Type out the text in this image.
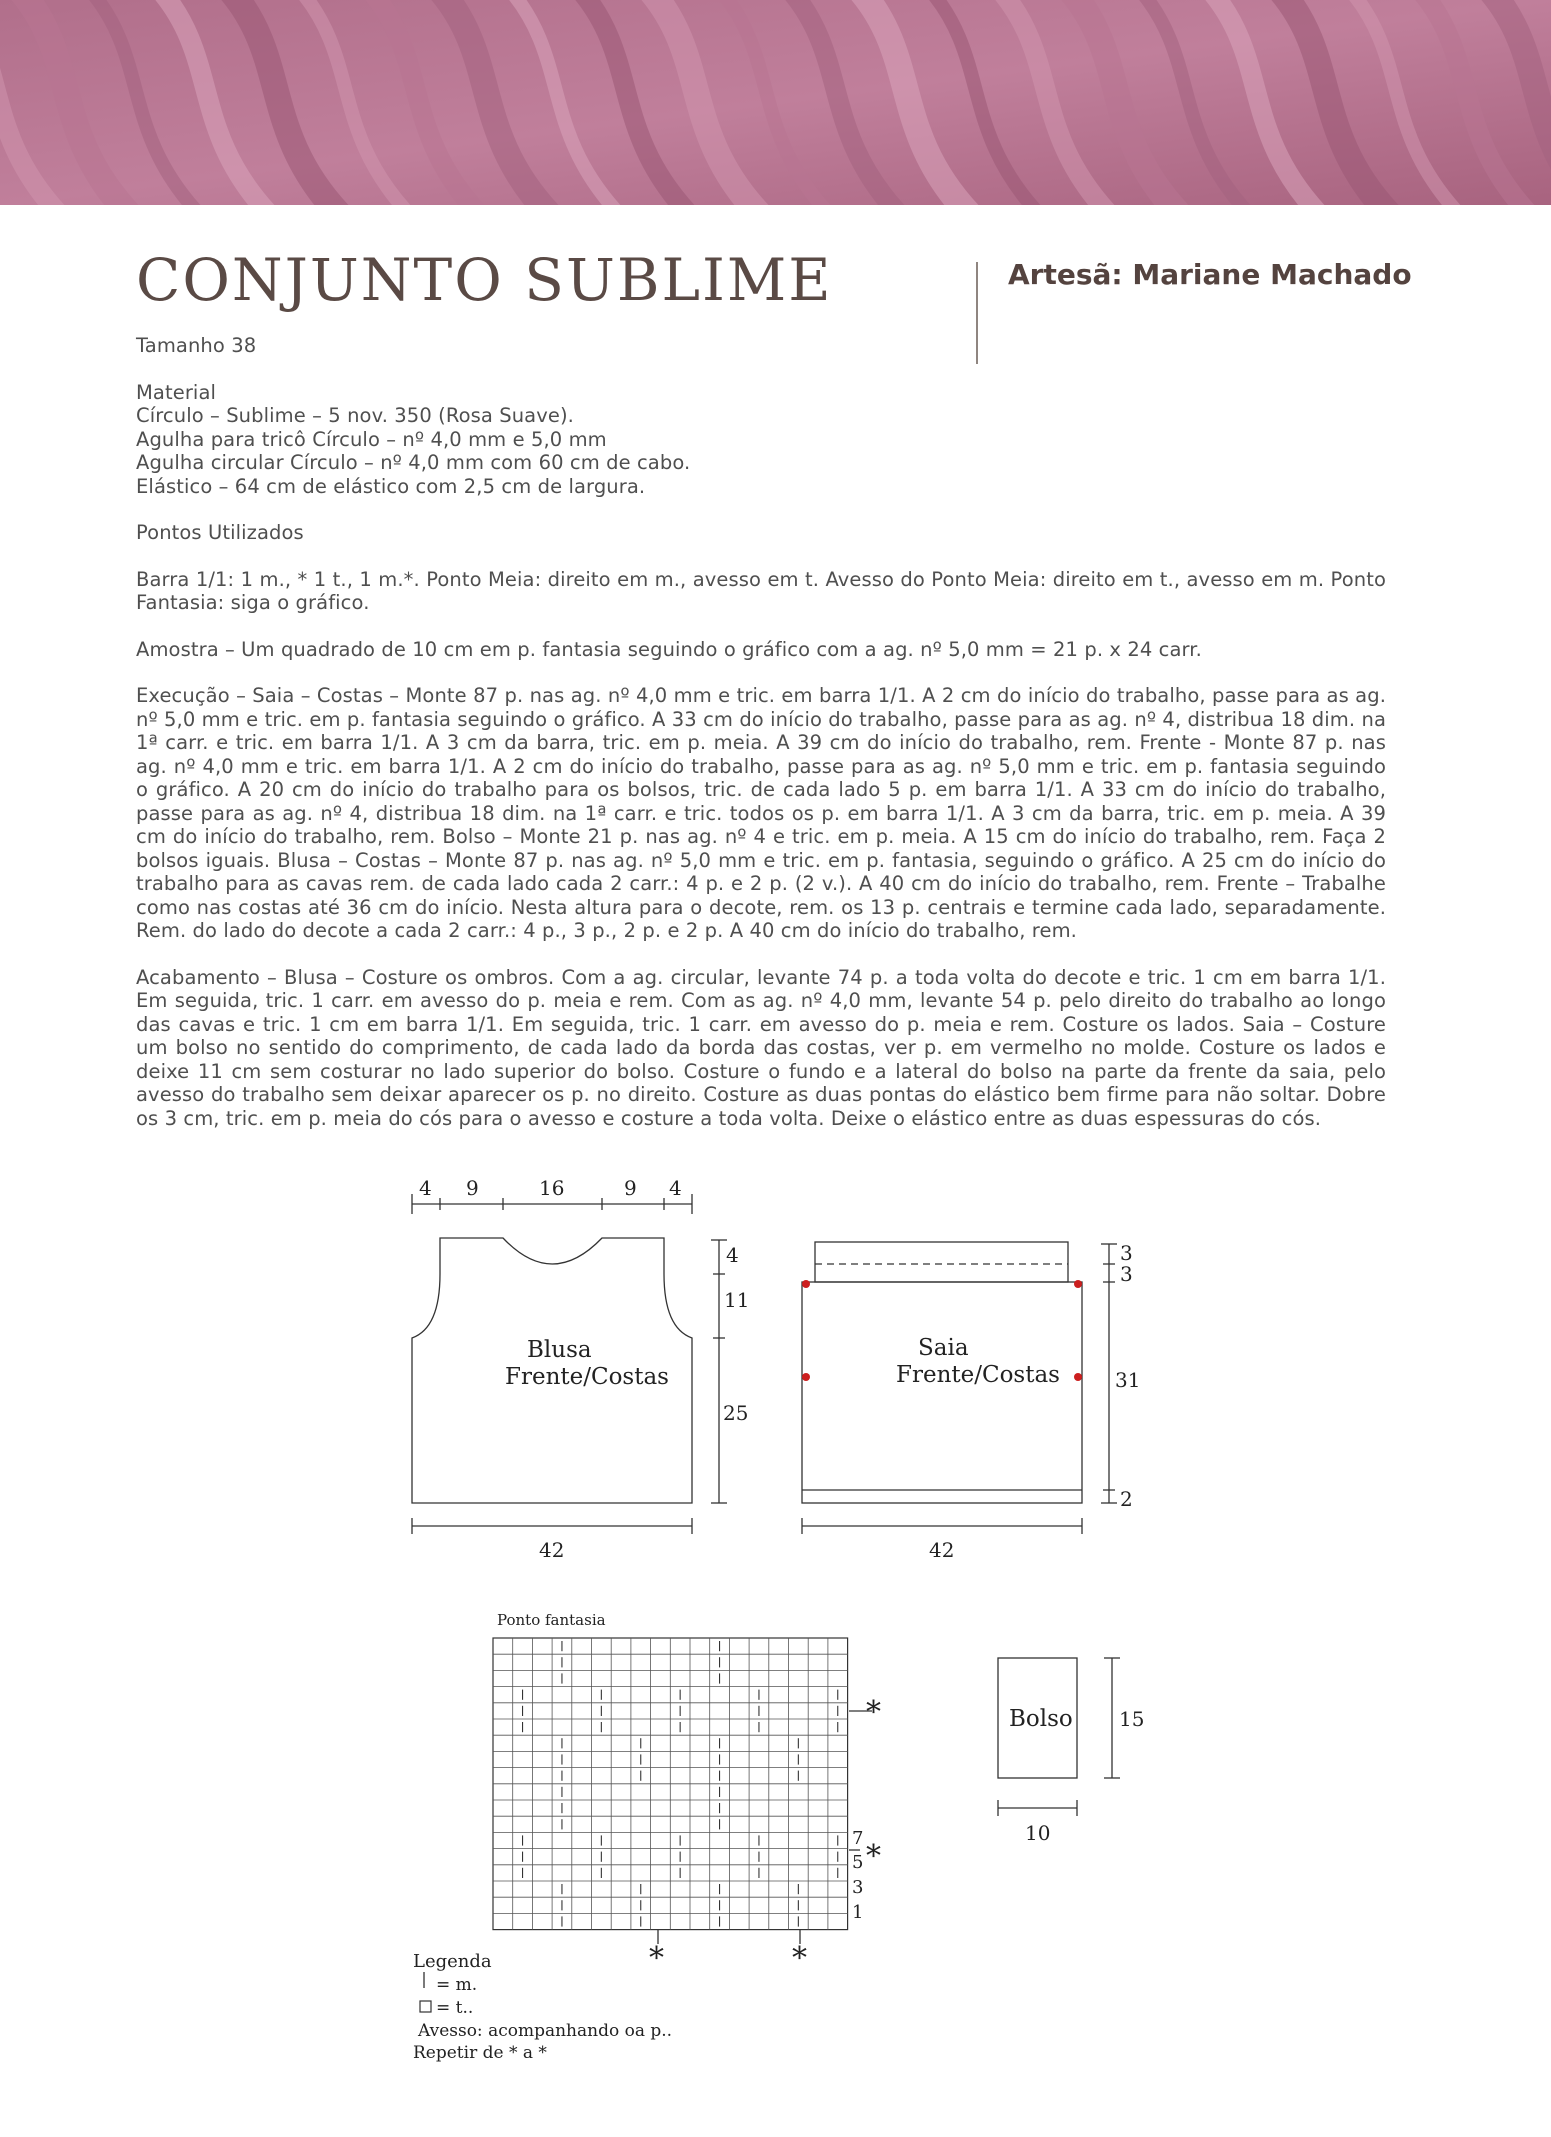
CONJUNTO SUBLIME	Artesã: Mariane Machado

Tamanho 38

Material

Círculo – Sublime – 5 nov. 350 (Rosa Suave).

Agulha para tricô Círculo – nº 4,0 mm e 5,0 mm

Agulha circular Círculo – nº 4,0 mm com 60 cm de cabo.

Elástico – 64 cm de elástico com 2,5 cm de largura.

Pontos Utilizados

Barra 1/1: 1 m., * 1 t., 1 m.*. Ponto Meia: direito em m., avesso em t. Avesso do Ponto Meia: direito em t., avesso em m. Ponto Fantasia: siga o gráfico.

Amostra – Um quadrado de 10 cm em p. fantasia seguindo o gráfico com a ag. nº 5,0 mm = 21 p. x 24 carr.

Execução – Saia – Costas – Monte 87 p. nas ag. nº 4,0 mm e tric. em barra 1/1. A 2 cm do início do trabalho, passe para as ag. nº 5,0 mm e tric. em p. fantasia seguindo o gráfico. A 33 cm do início do trabalho, passe para as ag. nº 4, distribua 18 dim. na 1ª carr. e tric. em barra 1/1. A 3 cm da barra, tric. em p. meia. A 39 cm do início do trabalho, rem. Frente - Monte 87 p. nas ag. nº 4,0 mm e tric. em barra 1/1. A 2 cm do início do trabalho, passe para as ag. nº 5,0 mm e tric. em p. fantasia seguindo o gráfico. A 20 cm do início do trabalho para os bolsos, tric. de cada lado 5 p. em barra 1/1. A 33 cm do início do trabalho, passe para as ag. nº 4, distribua 18 dim. na 1ª carr. e tric. todos os p. em barra 1/1. A 3 cm da barra, tric. em p. meia. A 39 cm do início do trabalho, rem. Bolso – Monte 21 p. nas ag. nº 4 e tric. em p. meia. A 15 cm do início do trabalho, rem. Faça 2 bolsos iguais. Blusa – Costas – Monte 87 p. nas ag. nº 5,0 mm e tric. em p. fantasia, seguindo o gráfico. A 25 cm do início do trabalho para as cavas rem. de cada lado cada 2 carr.: 4 p. e 2 p. (2 v.). A 40 cm do início do trabalho, rem. Frente – Trabalhe como nas costas até 36 cm do início. Nesta altura para o decote, rem. os 13 p. centrais e termine cada lado, separadamente. Rem. do lado do decote a cada 2 carr.: 4 p., 3 p., 2 p. e 2 p. A 40 cm do início do trabalho, rem.

Acabamento – Blusa – Costure os ombros. Com a ag. circular, levante 74 p. a toda volta do decote e tric. 1 cm em barra 1/1. Em seguida, tric. 1 carr. em avesso do p. meia e rem. Com as ag. nº 4,0 mm, levante 54 p. pelo direito do trabalho ao longo das cavas e tric. 1 cm em barra 1/1. Em seguida, tric. 1 carr. em avesso do p. meia e rem. Costure os lados. Saia – Costure um bolso no sentido do comprimento, de cada lado da borda das costas, ver p. em vermelho no molde. Costure os lados e deixe 11 cm sem costurar no lado superior do bolso. Costure o fundo e a lateral do bolso na parte da frente da saia, pelo avesso do trabalho sem deixar aparecer os p. no direito. Costure as duas pontas do elástico bem firme para não soltar. Dobre os 3 cm, tric. em p. meia do cós para o avesso e costure a toda volta. Deixe o elástico entre as duas espessuras do cós.

4 9	16	9 4
4
11
25
42
Blusa
Frente/Costas
3
3
31
2
42
Saia
Frente/Costas
Ponto fantasia
*
*
*	*
7
5
3
1
Bolso 15
10
Legenda
= m.
= t..
Avesso: acompanhando oa p..
Repetir de * a *
